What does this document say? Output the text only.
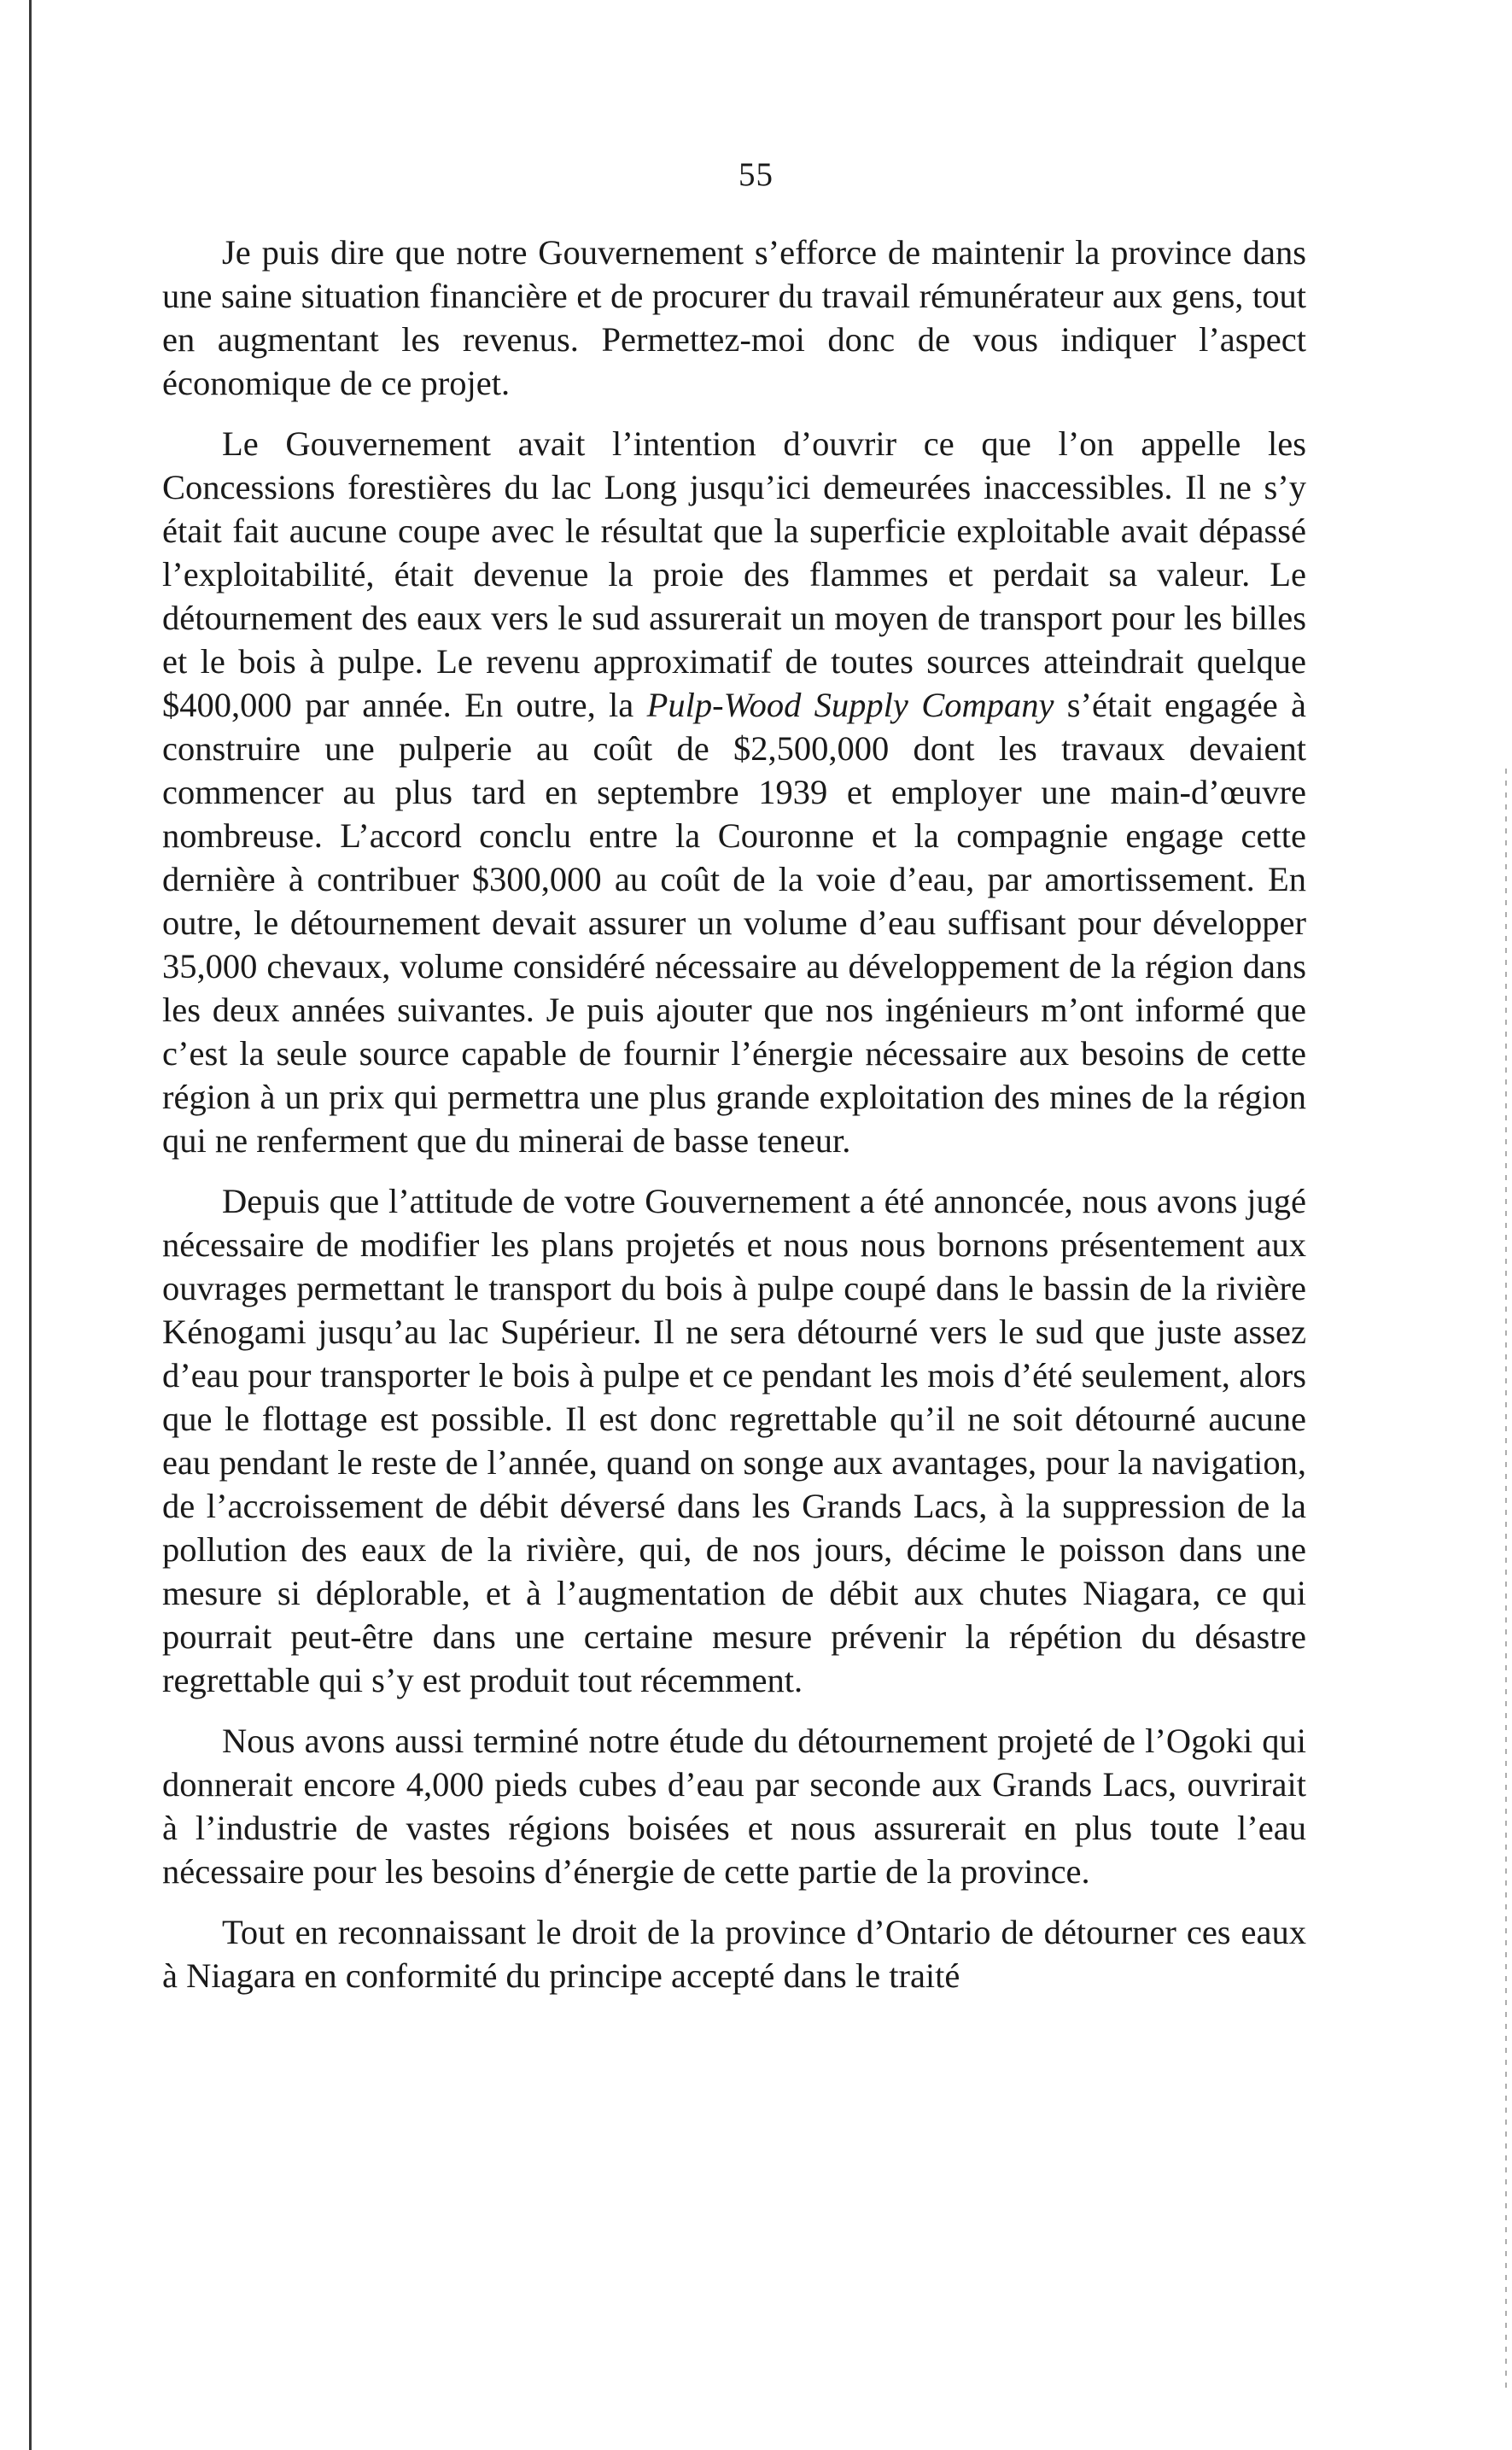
55

Je puis dire que notre Gouvernement s’efforce de maintenir la province dans une saine situation financière et de procurer du travail rémunérateur aux gens, tout en augmentant les revenus. Permettez-moi donc de vous indiquer l’aspect économique de ce projet.

Le Gouvernement avait l’intention d’ouvrir ce que l’on appelle les Concessions forestières du lac Long jusqu’ici demeurées inaccessibles. Il ne s’y était fait aucune coupe avec le résultat que la superficie exploitable avait dépassé l’exploitabilité, était devenue la proie des flammes et perdait sa valeur. Le détournement des eaux vers le sud assurerait un moyen de transport pour les billes et le bois à pulpe. Le revenu approximatif de toutes sources atteindrait quelque $400,000 par année. En outre, la Pulp-Wood Supply Company s’était engagée à construire une pulperie au coût de $2,500,000 dont les travaux devaient commencer au plus tard en septembre 1939 et employer une main-d’œuvre nombreuse. L’accord conclu entre la Couronne et la compagnie engage cette dernière à contribuer $300,000 au coût de la voie d’eau, par amortissement. En outre, le détournement devait assurer un volume d’eau suffisant pour développer 35,000 chevaux, volume considéré nécessaire au développement de la région dans les deux années suivantes. Je puis ajouter que nos ingénieurs m’ont informé que c’est la seule source capable de fournir l’énergie nécessaire aux besoins de cette région à un prix qui permettra une plus grande exploitation des mines de la région qui ne renferment que du minerai de basse teneur.

Depuis que l’attitude de votre Gouvernement a été annoncée, nous avons jugé nécessaire de modifier les plans projetés et nous nous bornons présentement aux ouvrages permettant le transport du bois à pulpe coupé dans le bassin de la rivière Kénogami jusqu’au lac Supérieur. Il ne sera détourné vers le sud que juste assez d’eau pour transporter le bois à pulpe et ce pendant les mois d’été seulement, alors que le flottage est possible. Il est donc regrettable qu’il ne soit détourné aucune eau pendant le reste de l’année, quand on songe aux avantages, pour la navigation, de l’accroissement de débit déversé dans les Grands Lacs, à la suppression de la pollution des eaux de la rivière, qui, de nos jours, décime le poisson dans une mesure si déplorable, et à l’augmentation de débit aux chutes Niagara, ce qui pourrait peut-être dans une certaine mesure prévenir la répétion du désastre regrettable qui s’y est produit tout récemment.

Nous avons aussi terminé notre étude du détournement projeté de l’Ogoki qui donnerait encore 4,000 pieds cubes d’eau par seconde aux Grands Lacs, ouvrirait à l’industrie de vastes régions boisées et nous assurerait en plus toute l’eau nécessaire pour les besoins d’énergie de cette partie de la province.

Tout en reconnaissant le droit de la province d’Ontario de détourner ces eaux à Niagara en conformité du principe accepté dans le traité
